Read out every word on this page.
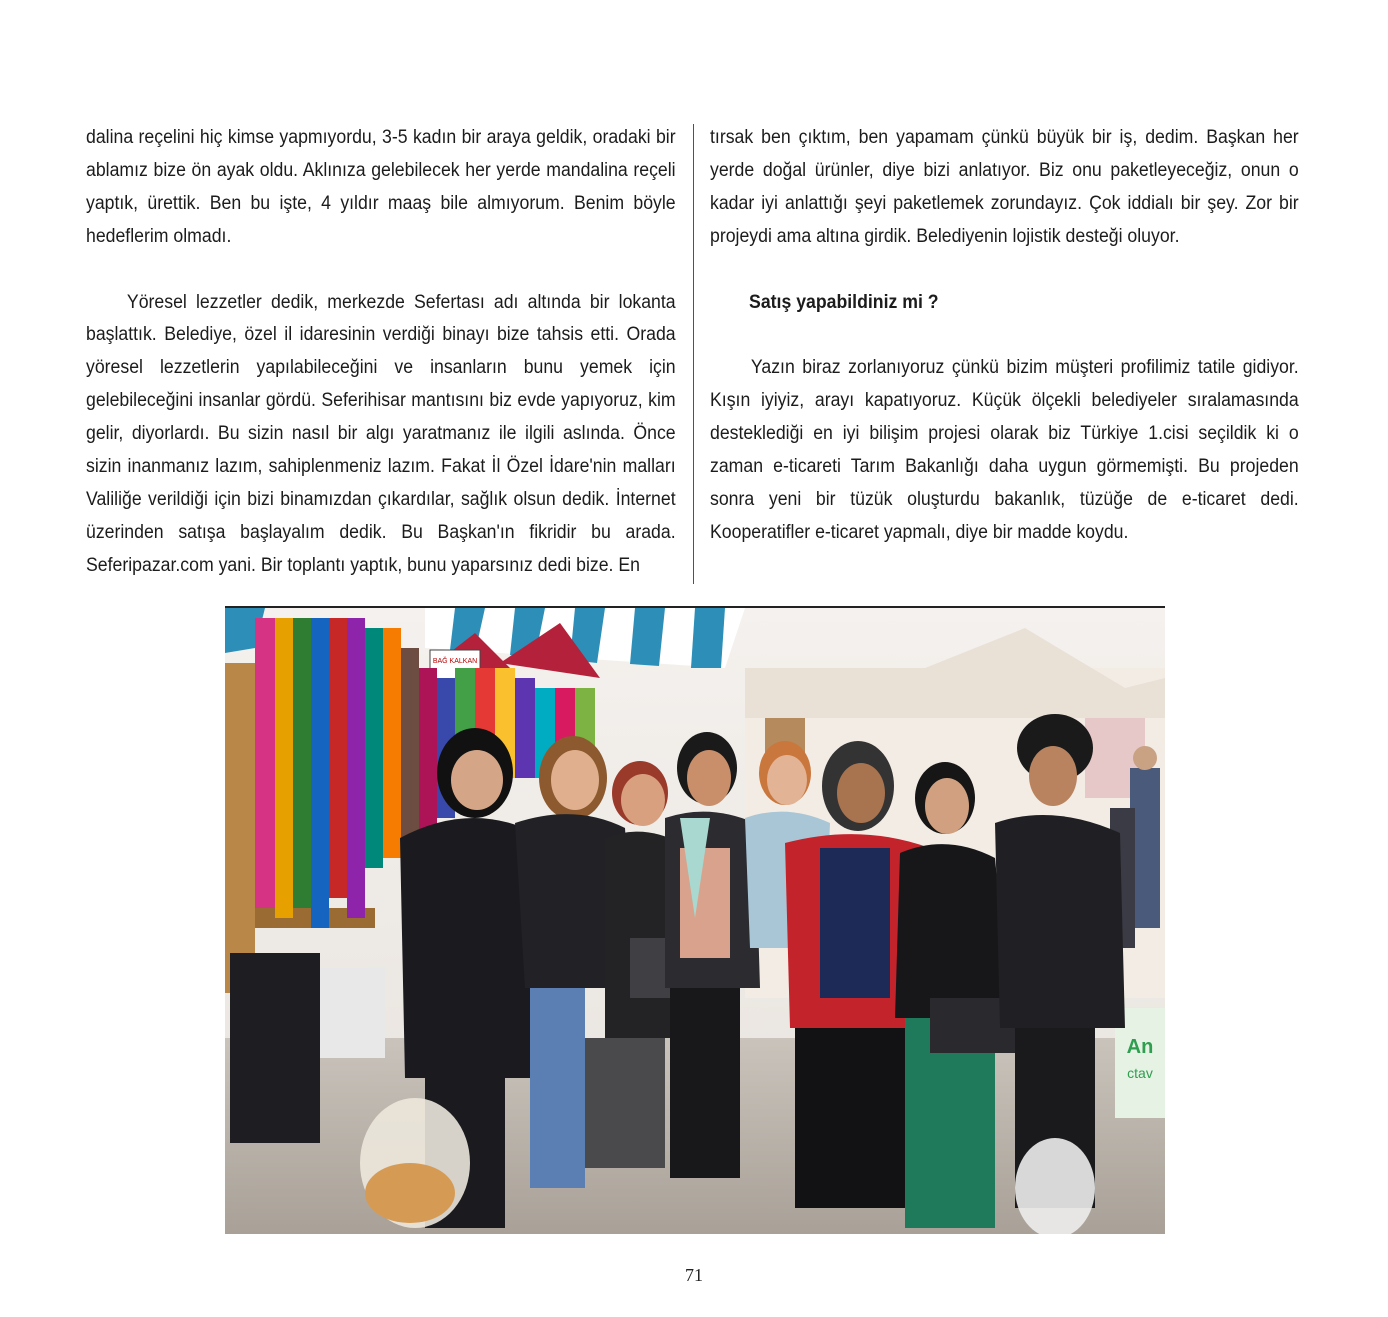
dalina reçelini hiç kimse yapmıyordu, 3-5 kadın bir araya geldik, oradaki bir ablamız bize ön ayak oldu. Aklınıza gelebilecek her yerde mandalina reçeli yaptık, ürettik. Ben bu işte, 4 yıldır maaş bile almıyorum. Benim böyle hedeflerim olmadı.

Yöresel lezzetler dedik, merkezde Sefertası adı altında bir lokanta başlattık. Belediye, özel il idaresinin verdiği binayı bize tahsis etti. Orada yöresel lezzetlerin yapılabileceğini ve insanların bunu yemek için gelebileceğini insanlar gördü. Seferihisar mantısını biz evde yapıyoruz, kim gelir, diyorlardı. Bu sizin nasıl bir algı yaratmanız ile ilgili aslında. Önce sizin inanmanız lazım, sahiplenmeniz lazım. Fakat İl Özel İdare'nin malları Valiliğe verildiği için bizi binamızdan çıkardılar, sağlık olsun dedik. İnternet üzerinden satışa başlayalım dedik. Bu Başkan'ın fikridir bu arada. Seferipazar.com yani. Bir toplantı yaptık, bunu yaparsınız dedi bize. En

tırsak ben çıktım, ben yapamam çünkü büyük bir iş, dedim. Başkan her yerde doğal ürünler, diye bizi anlatıyor. Biz onu paketleyeceğiz, onun o kadar iyi anlattığı şeyi paketlemek zorundayız. Çok iddialı bir şey. Zor bir projeydi ama altına girdik. Belediyenin lojistik desteği oluyor.

Satış yapabildiniz mi ?

Yazın biraz zorlanıyoruz çünkü bizim müşteri profilimiz tatile gidiyor. Kışın iyiyiz, arayı kapatıyoruz. Küçük ölçekli belediyeler sıralamasında desteklediği en iyi bilişim projesi olarak biz Türkiye 1.cisi seçildik ki o zaman e-ticareti Tarım Bakanlığı daha uygun görmemişti. Bu projeden sonra yeni bir tüzük oluşturdu bakanlık, tüzüğe de e-ticaret dedi. Kooperatifler e-ticaret yapmalı, diye bir madde koydu.

BAĞ KALKAN
An
ctav
71
